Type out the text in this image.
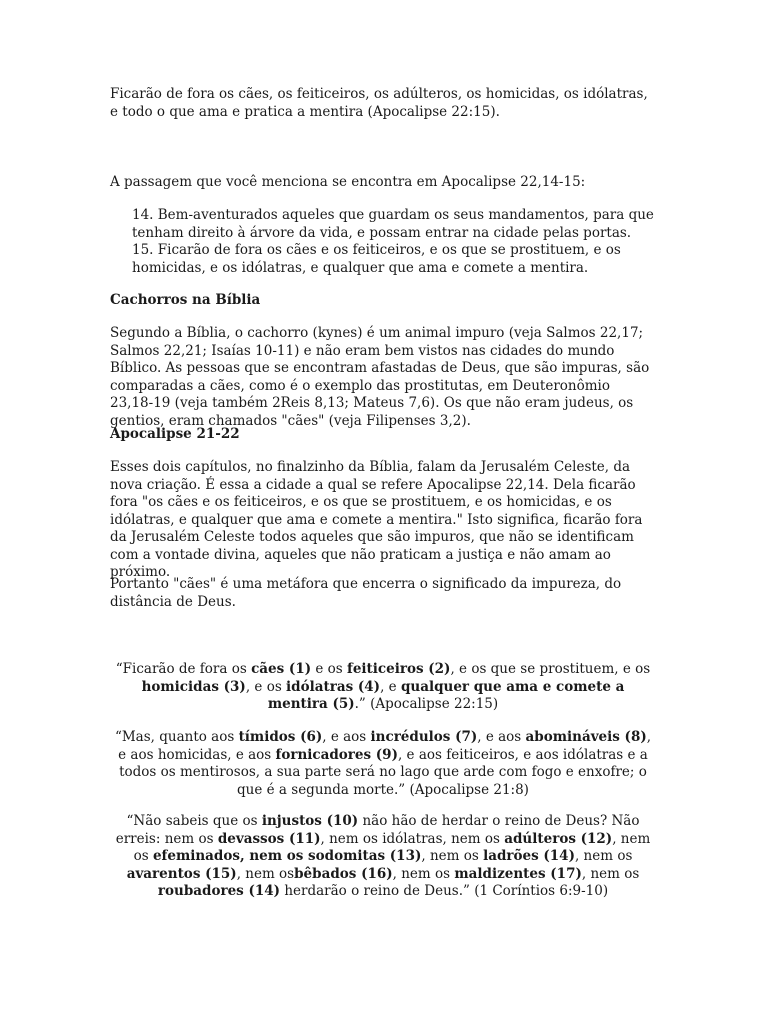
Ficarão de fora os cães, os feiticeiros, os adúlteros, os homicidas, os idólatras, e todo o que ama e pratica a mentira (Apocalipse 22:15).

A passagem que você menciona se encontra em Apocalipse 22,14-15:

14. Bem-aventurados aqueles que guardam os seus mandamentos, para que tenham direito à árvore da vida, e possam entrar na cidade pelas portas.

15. Ficarão de fora os cães e os feiticeiros, e os que se prostituem, e os homicidas, e os idólatras, e qualquer que ama e comete a mentira.

Cachorros na Bíblia

Segundo a Bíblia, o cachorro (kynes) é um animal impuro (veja Salmos 22,17; Salmos 22,21; Isaías 10-11) e não eram bem vistos nas cidades do mundo Bíblico. As pessoas que se encontram afastadas de Deus, que são impuras, são comparadas a cães, como é o exemplo das prostitutas, em Deuteronômio 23,18-19 (veja também 2Reis 8,13; Mateus 7,6). Os que não eram judeus, os gentios, eram chamados "cães" (veja Filipenses 3,2).

Apocalipse 21-22

Esses dois capítulos, no finalzinho da Bíblia, falam da Jerusalém Celeste, da nova criação. É essa a cidade a qual se refere Apocalipse 22,14. Dela ficarão fora "os cães e os feiticeiros, e os que se prostituem, e os homicidas, e os idólatras, e qualquer que ama e comete a mentira." Isto significa, ficarão fora da Jerusalém Celeste todos aqueles que são impuros, que não se identificam com a vontade divina, aqueles que não praticam a justiça e não amam ao próximo.

Portanto "cães" é uma metáfora que encerra o significado da impureza, do distância de Deus.

“Ficarão de fora os cães (1) e os feiticeiros (2), e os que se prostituem, e os homicidas (3), e os idólatras (4), e qualquer que ama e comete a mentira (5).” (Apocalipse 22:15)

“Mas, quanto aos tímidos (6), e aos incrédulos (7), e aos abomináveis (8), e aos homicidas, e aos fornicadores (9), e aos feiticeiros, e aos idólatras e a todos os mentirosos, a sua parte será no lago que arde com fogo e enxofre; o que é a segunda morte.” (Apocalipse 21:8)

“Não sabeis que os injustos (10) não hão de herdar o reino de Deus? Não erreis: nem os devassos (11), nem os idólatras, nem os adúlteros (12), nem os efeminados, nem os sodomitas (13), nem os ladrões (14), nem os avarentos (15), nem osbêbados (16), nem os maldizentes (17), nem os roubadores (14) herdarão o reino de Deus.” (1 Coríntios 6:9-10)
